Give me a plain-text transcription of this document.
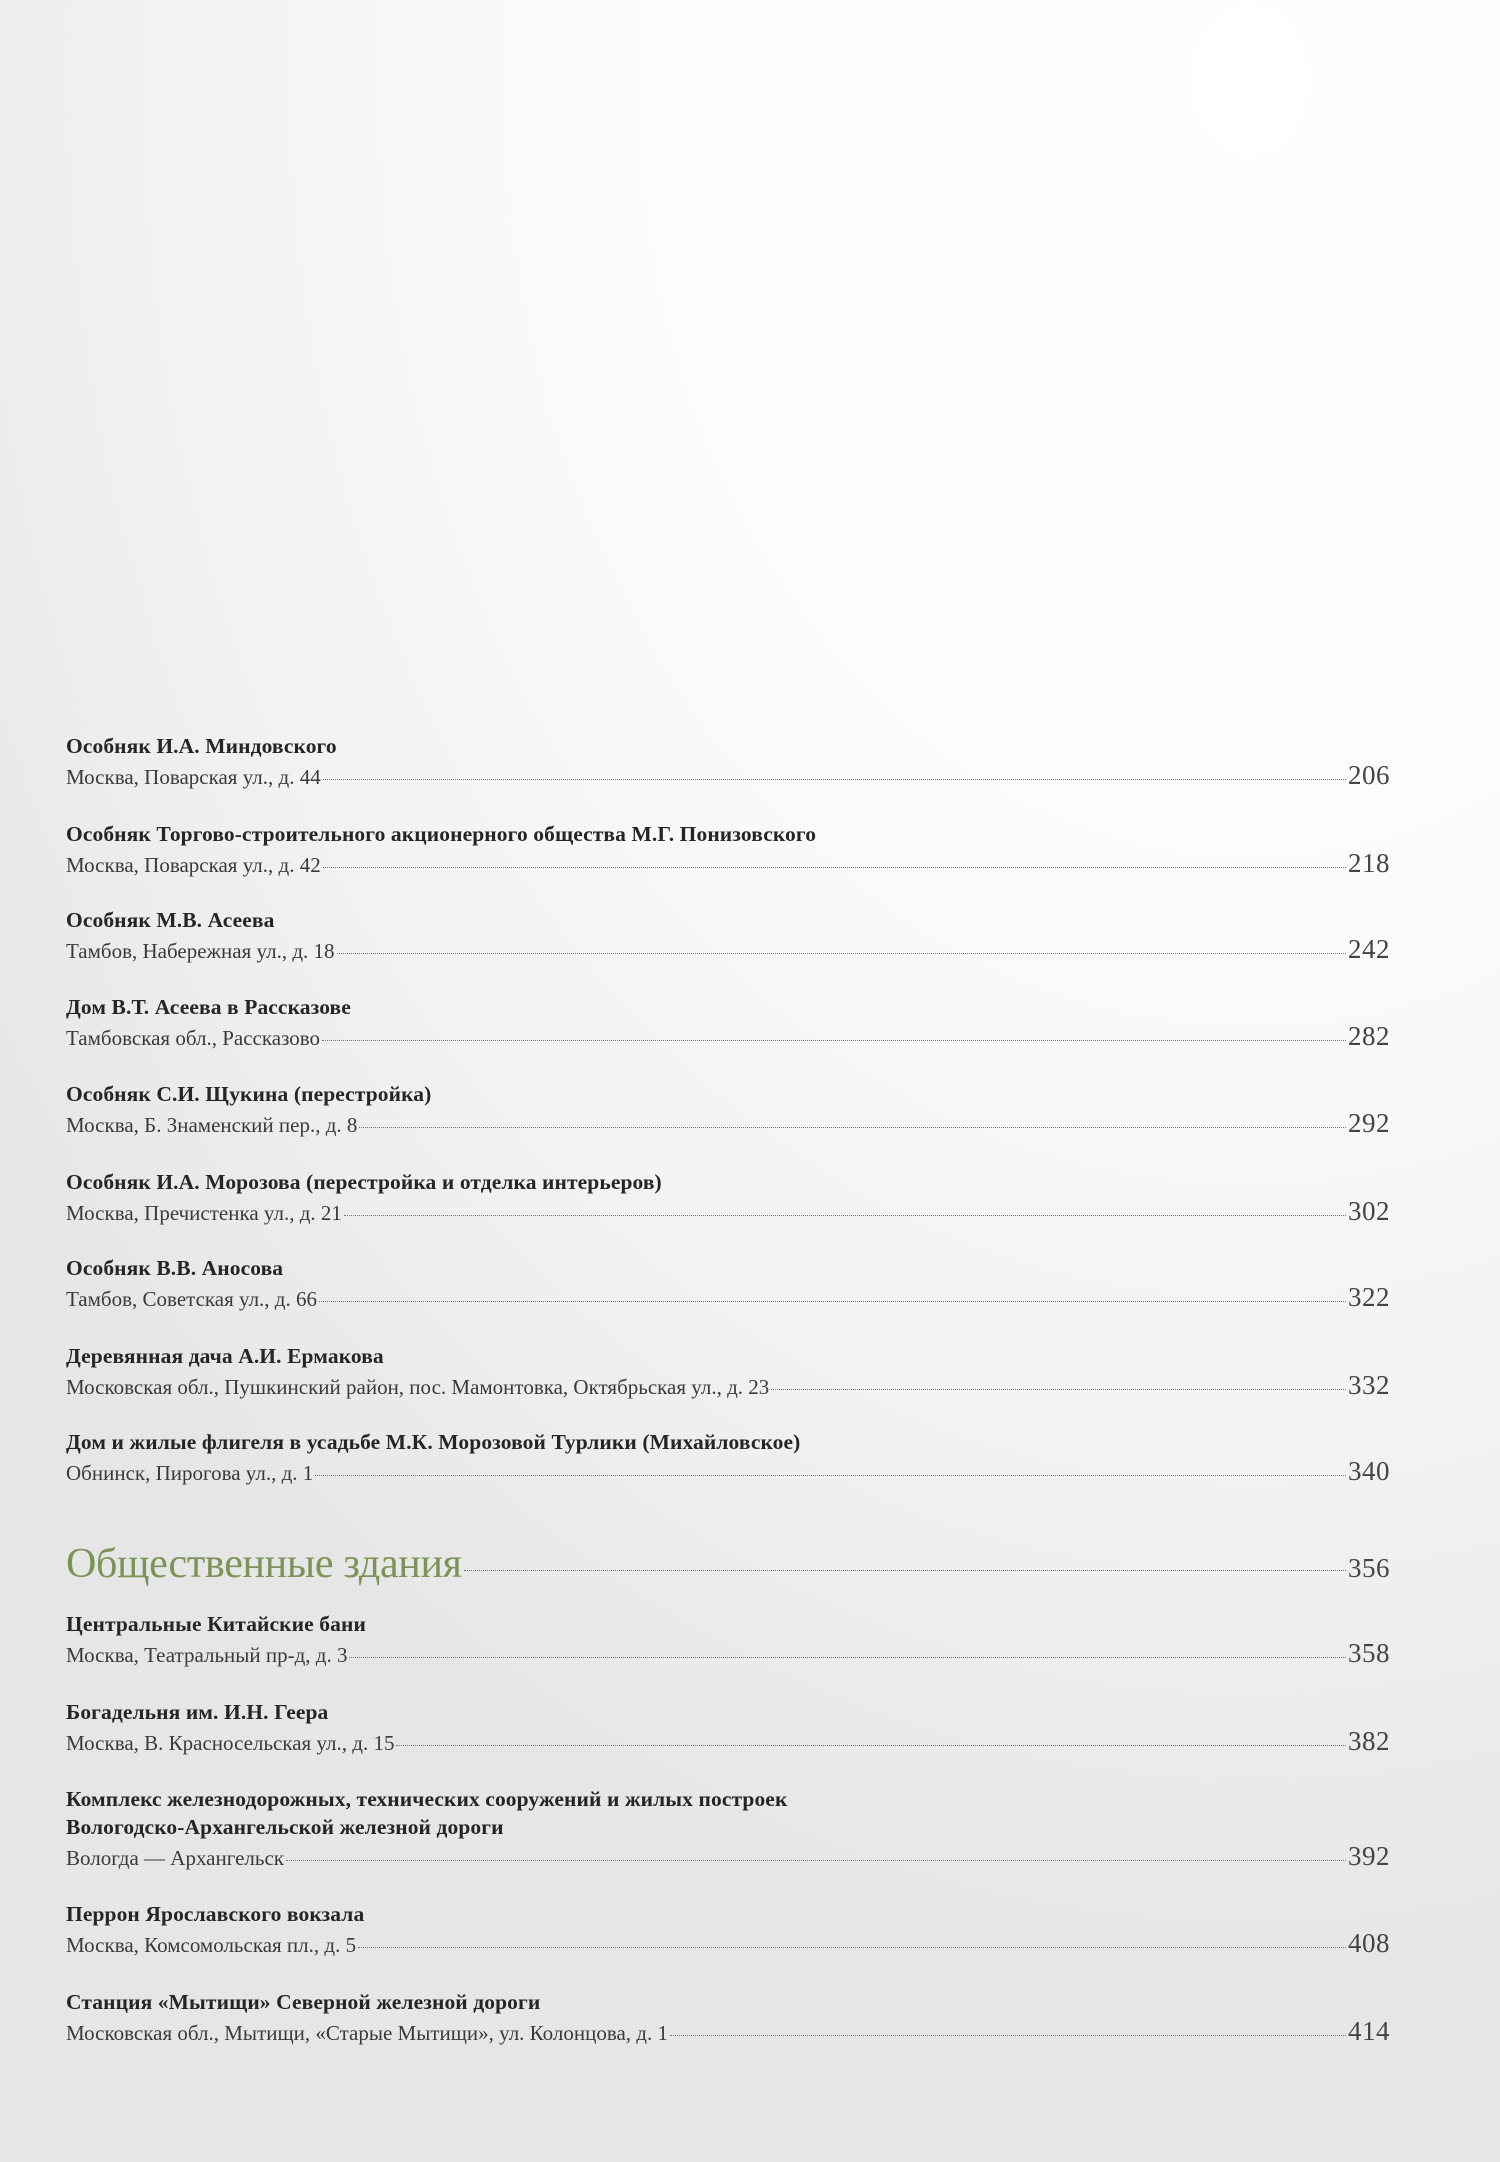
Особняк И.А. Миндовского
Москва, Поварская ул., д. 44	206
Особняк Торгово-строительного акционерного общества М.Г. Понизовского
Москва, Поварская ул., д. 42	218
Особняк М.В. Асеева
Тамбов, Набережная ул., д. 18	242
Дом В.Т. Асеева в Рассказове
Тамбовская обл., Рассказово	282
Особняк С.И. Щукина (перестройка)
Москва, Б. Знаменский пер., д. 8	292
Особняк И.А. Морозова (перестройка и отделка интерьеров)
Москва, Пречистенка ул., д. 21	302
Особняк В.В. Аносова
Тамбов, Советская ул., д. 66	322
Деревянная дача А.И. Ермакова
Московская обл., Пушкинский район, пос. Мамонтовка, Октябрьская ул., д. 23	332
Дом и жилые флигеля в усадьбе М.К. Морозовой Турлики (Михайловское)
Обнинск, Пирогова ул., д. 1	340
Общественные здания	356
Центральные Китайские бани
Москва, Театральный пр-д, д. 3	358
Богадельня им. И.Н. Геера
Москва, В. Красносельская ул., д. 15	382
Комплекс железнодорожных, технических сооружений и жилых построек
Вологодско-Архангельской железной дороги
Вологда — Архангельск	392
Перрон Ярославского вокзала
Москва, Комсомольская пл., д. 5	408
Станция «Мытищи» Северной железной дороги
Московская обл., Мытищи, «Старые Мытищи», ул. Колонцова, д. 1	414
